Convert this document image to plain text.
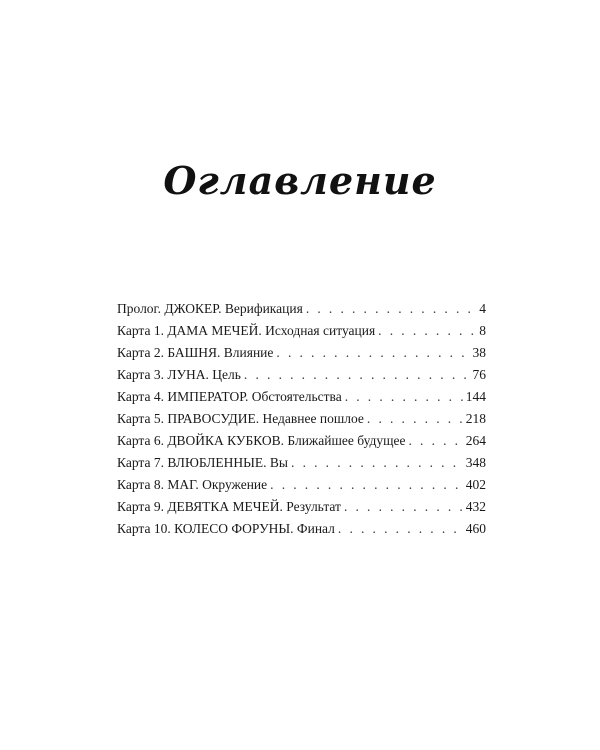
Оглавление
Пролог. ДЖОКЕР. Верификация . . .	4
Карта 1. ДАМА МЕЧЕЙ. Исходная ситуация . . .	8
Карта 2. БАШНЯ. Влияние . . .	38
Карта 3. ЛУНА. Цель . . .	76
Карта 4. ИМПЕРАТОР. Обстоятельства . . .	144
Карта 5. ПРАВОСУДИЕ. Недавнее пошлое . . .	218
Карта 6. ДВОЙКА КУБКОВ. Ближайшее будущее . . .	264
Карта 7. ВЛЮБЛЕННЫЕ. Вы . . .	348
Карта 8. МАГ. Окружение . . .	402
Карта 9. ДЕВЯТКА МЕЧЕЙ. Результат . . .	432
Карта 10. КОЛЕСО ФОРУНЫ. Финал . . .	460
